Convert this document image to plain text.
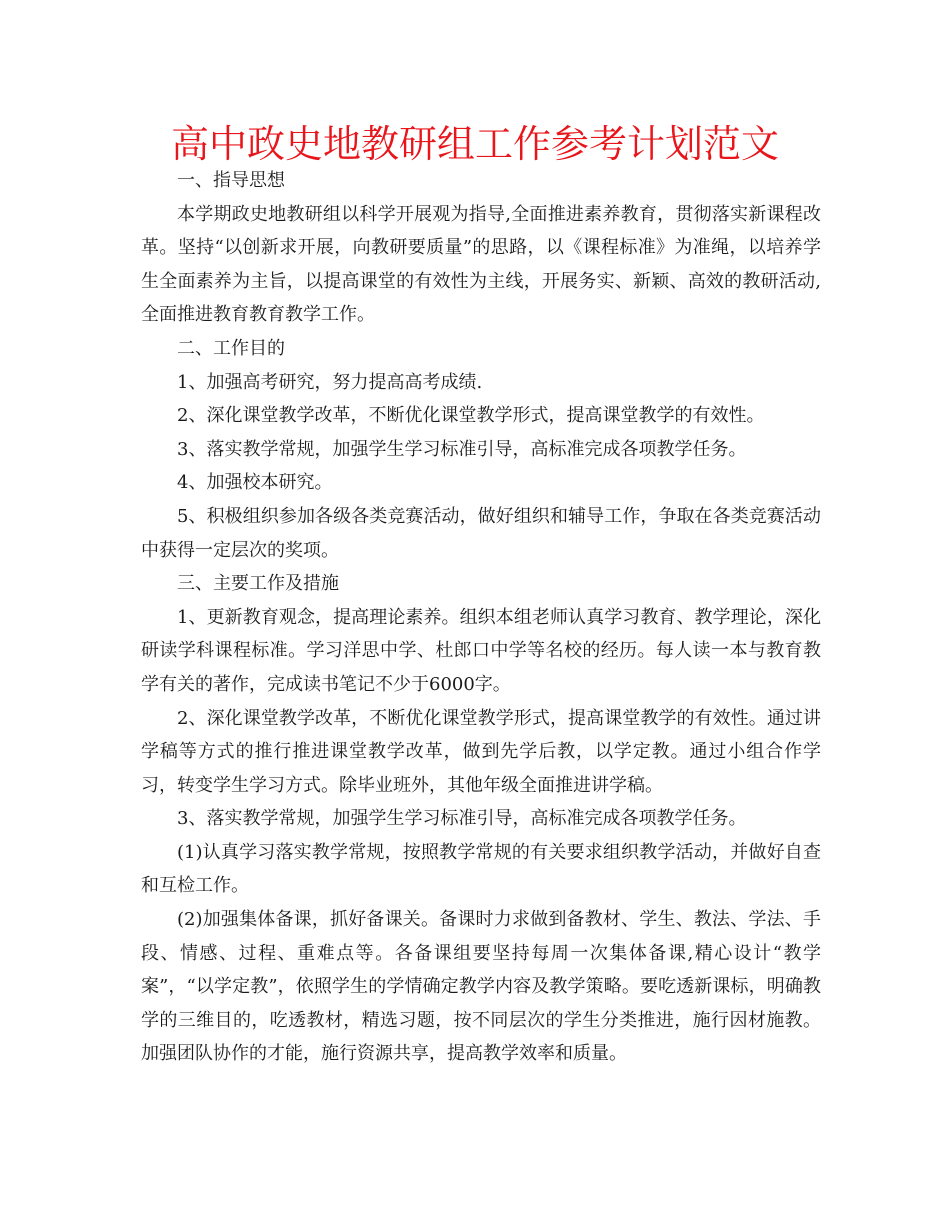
高中政史地教研组工作参考计划范文

一、指导思想

本学期政史地教研组以科学开展观为指导,全面推进素养教育，贯彻落实新课程改革。坚持“以创新求开展，向教研要质量”的思路，以《课程标准》为准绳，以培养学生全面素养为主旨，以提高课堂的有效性为主线，开展务实、新颖、高效的教研活动,全面推进教育教育教学工作。

二、工作目的

1、加强高考研究，努力提高高考成绩.

2、深化课堂教学改革，不断优化课堂教学形式，提高课堂教学的有效性。

3、落实教学常规，加强学生学习标准引导，高标准完成各项教学任务。

4、加强校本研究。

5、积极组织参加各级各类竞赛活动，做好组织和辅导工作，争取在各类竞赛活动中获得一定层次的奖项。

三、主要工作及措施

1、更新教育观念，提高理论素养。组织本组老师认真学习教育、教学理论，深化研读学科课程标准。学习洋思中学、杜郎口中学等名校的经历。每人读一本与教育教学有关的著作，完成读书笔记不少于6000字。

2、深化课堂教学改革，不断优化课堂教学形式，提高课堂教学的有效性。通过讲学稿等方式的推行推进课堂教学改革，做到先学后教，以学定教。通过小组合作学习，转变学生学习方式。除毕业班外，其他年级全面推进讲学稿。

3、落实教学常规，加强学生学习标准引导，高标准完成各项教学任务。

(1)认真学习落实教学常规，按照教学常规的有关要求组织教学活动，并做好自查和互检工作。

(2)加强集体备课，抓好备课关。备课时力求做到备教材、学生、教法、学法、手段、情感、过程、重难点等。各备课组要坚持每周一次集体备课,精心设计“教学案”，“以学定教”，依照学生的学情确定教学内容及教学策略。要吃透新课标，明确教学的三维目的，吃透教材，精选习题，按不同层次的学生分类推进，施行因材施教。加强团队协作的才能，施行资源共享，提高教学效率和质量。
